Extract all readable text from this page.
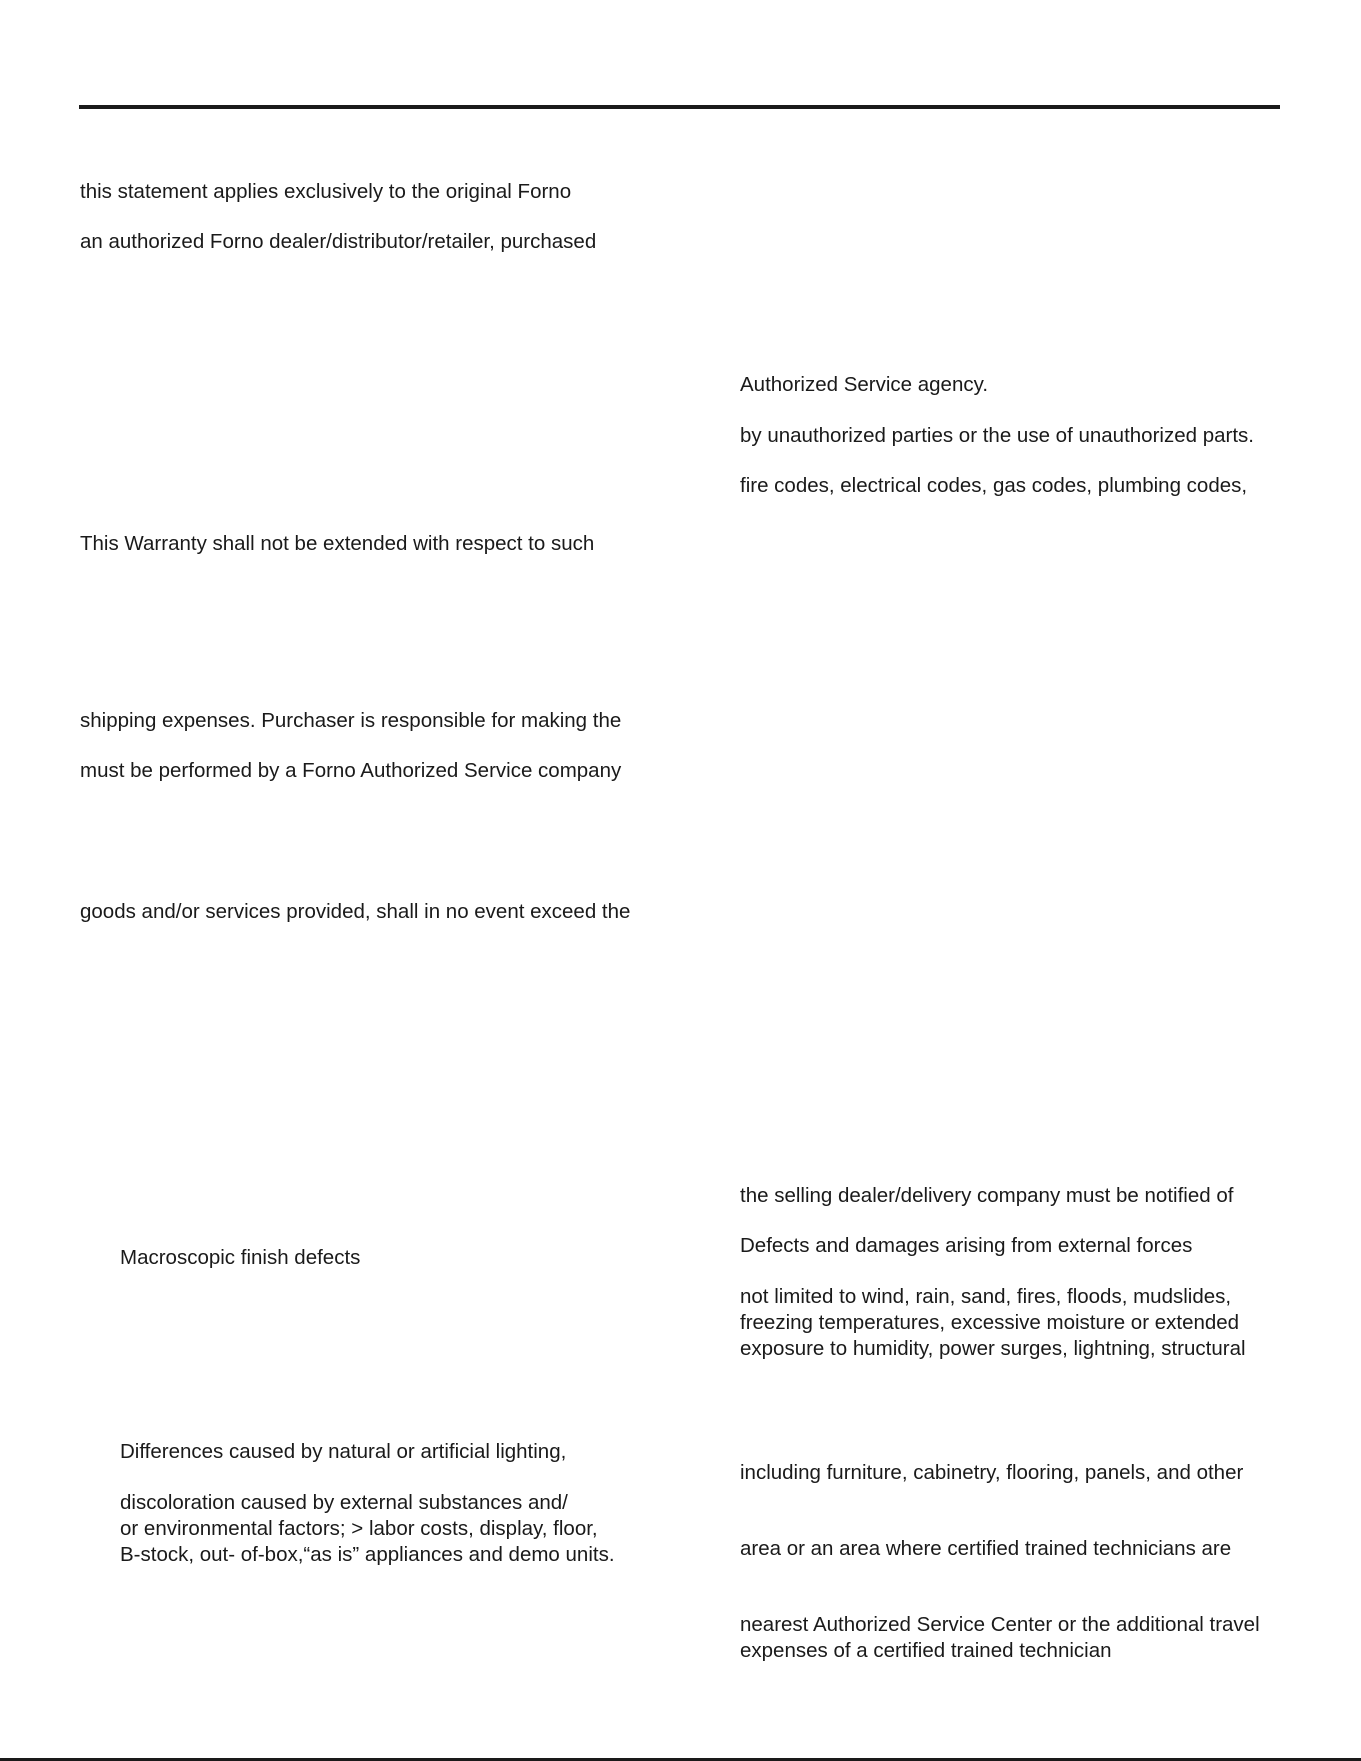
this statement applies exclusively to the original Forno

an authorized Forno dealer/distributor/retailer, purchased

This Warranty shall not be extended with respect to such

shipping expenses. Purchaser is responsible for making the

must be performed by a Forno Authorized Service company

goods and/or services provided, shall in no event exceed the

Macroscopic finish defects

Differences caused by natural or artificial lighting,

discoloration caused by external substances and/
or environmental factors; > labor costs, display, floor,
B-stock, out- of-box,“as is” appliances and demo units.

Authorized Service agency.

by unauthorized parties or the use of unauthorized parts.

fire codes, electrical codes, gas codes, plumbing codes,

the selling dealer/delivery company must be notified of

Defects and damages arising from external forces

not limited to wind, rain, sand, fires, floods, mudslides,
freezing temperatures, excessive moisture or extended
exposure to humidity, power surges, lightning, structural

including furniture, cabinetry, flooring, panels, and other

area or an area where certified trained technicians are

nearest Authorized Service Center or the additional travel
expenses of a certified trained technician
